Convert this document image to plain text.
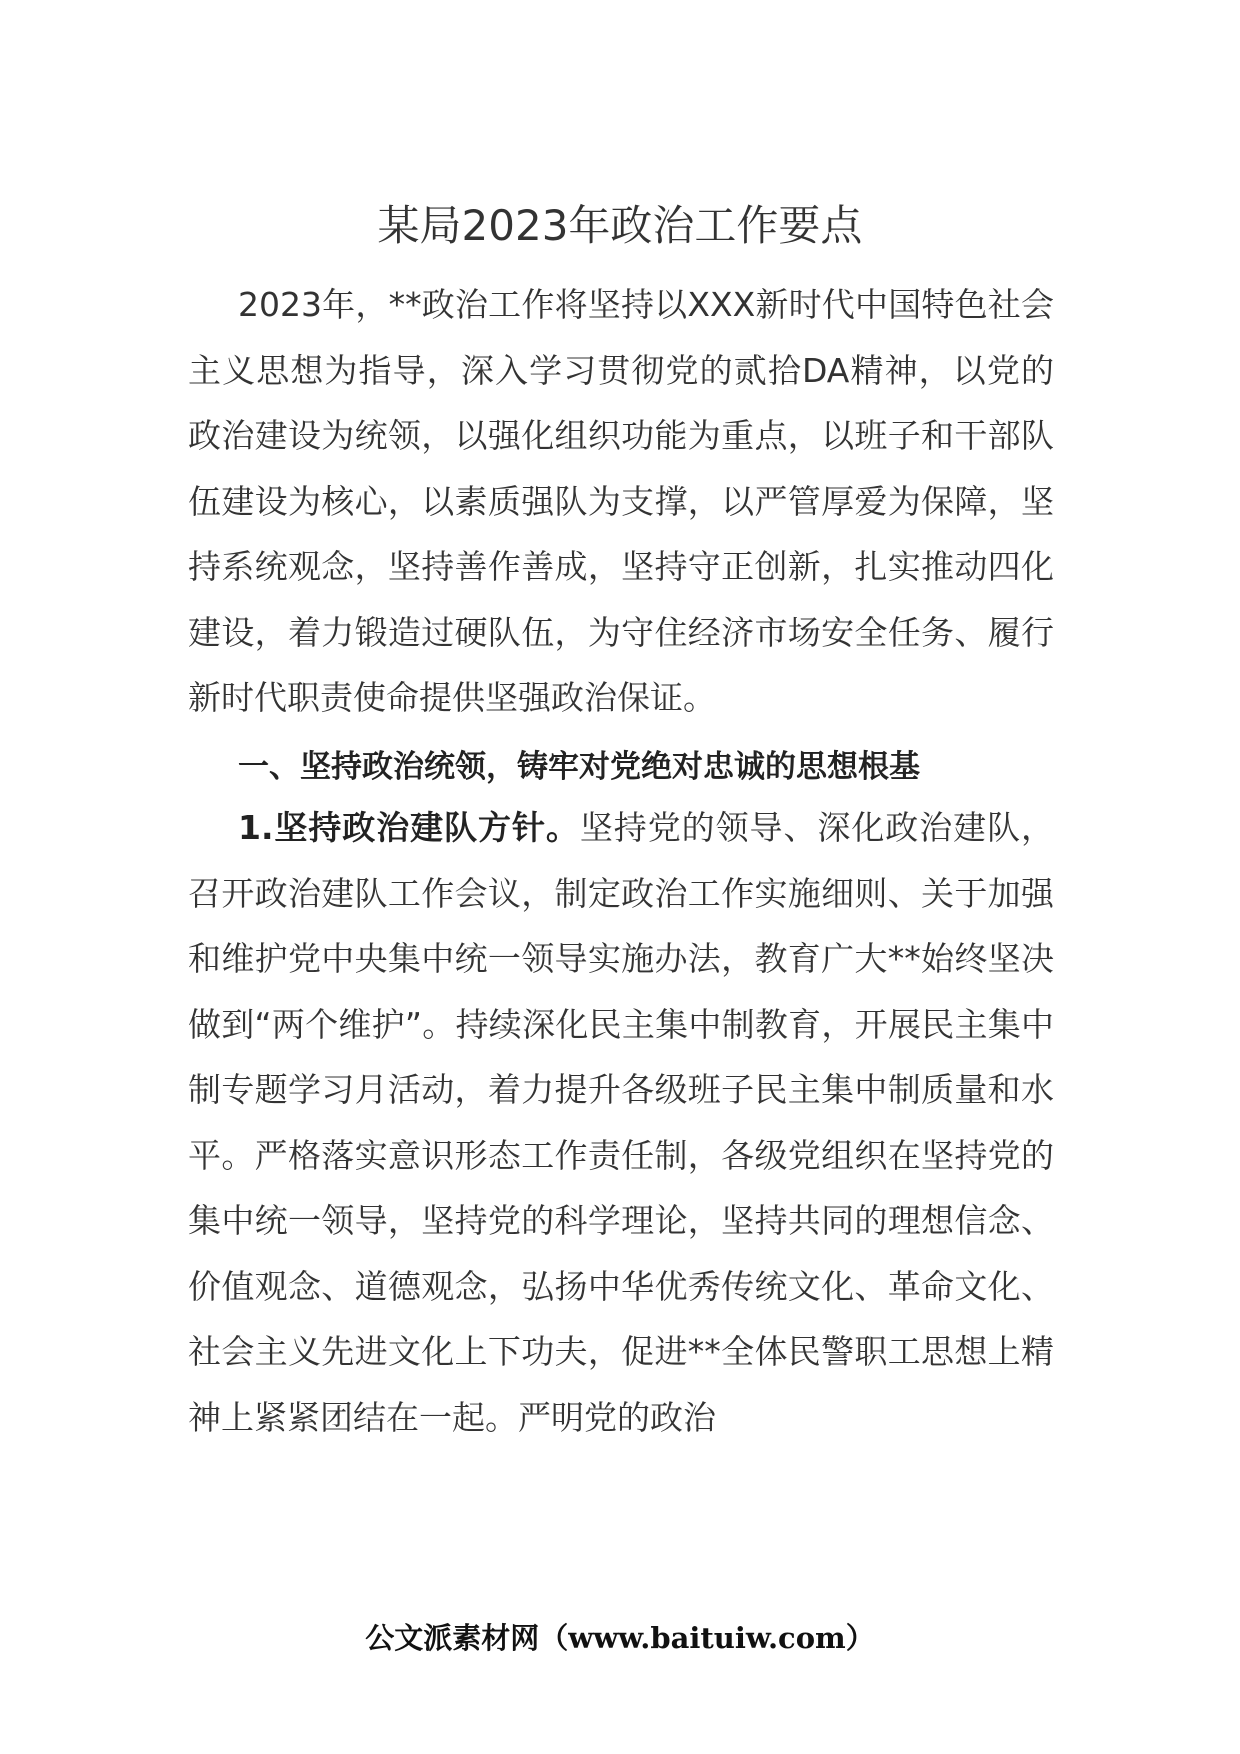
某局2023年政治工作要点

2023年，**政治工作将坚持以XXX新时代中国特色社会主义思想为指导，深入学习贯彻党的贰拾DA精神，以党的政治建设为统领，以强化组织功能为重点，以班子和干部队伍建设为核心，以素质强队为支撑，以严管厚爱为保障，坚持系统观念，坚持善作善成，坚持守正创新，扎实推动四化建设，着力锻造过硬队伍，为守住经济市场安全任务、履行新时代职责使命提供坚强政治保证。

一、坚持政治统领，铸牢对党绝对忠诚的思想根基

1.坚持政治建队方针。坚持党的领导、深化政治建队，召开政治建队工作会议，制定政治工作实施细则、关于加强和维护党中央集中统一领导实施办法，教育广大**始终坚决做到“两个维护”。持续深化民主集中制教育，开展民主集中制专题学习月活动，着力提升各级班子民主集中制质量和水平。严格落实意识形态工作责任制，各级党组织在坚持党的集中统一领导，坚持党的科学理论，坚持共同的理想信念、价值观念、道德观念，弘扬中华优秀传统文化、革命文化、社会主义先进文化上下功夫，促进**全体民警职工思想上精神上紧紧团结在一起。严明党的政治

公文派素材网（www.baituiw.com）
